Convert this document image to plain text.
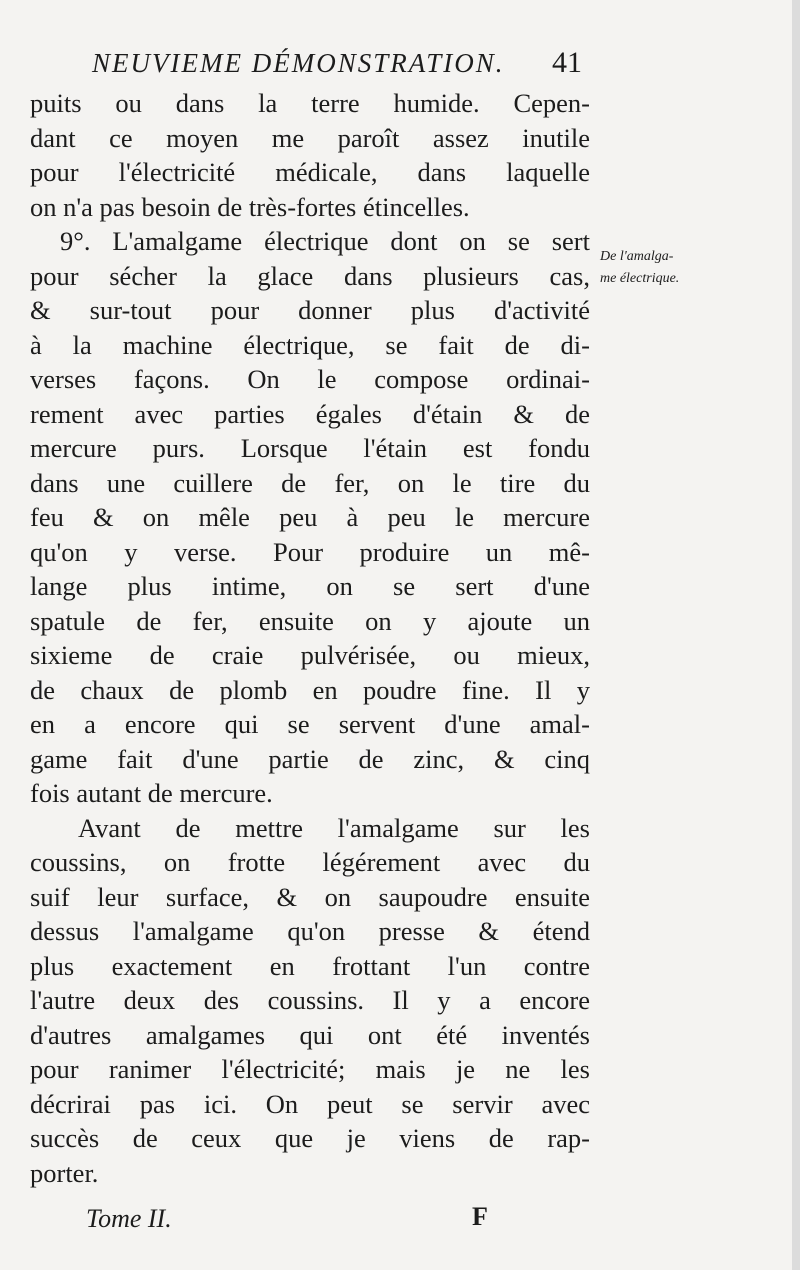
NEUVIEME DÉMONSTRATION. 41
puits ou dans la terre humide. Cepen-
dant ce moyen me paroît assez inutile
pour l'électricité médicale, dans laquelle
on n'a pas besoin de très-fortes étincelles.
9°. L'amalgame électrique dont on se sert
pour sécher la glace dans plusieurs cas,
& sur-tout pour donner plus d'activité
à la machine électrique, se fait de di-
verses façons. On le compose ordinai-
rement avec parties égales d'étain & de
mercure purs. Lorsque l'étain est fondu
dans une cuillere de fer, on le tire du
feu & on mêle peu à peu le mercure
qu'on y verse. Pour produire un mê-
lange plus intime, on se sert d'une
spatule de fer, ensuite on y ajoute un
sixieme de craie pulvérisée, ou mieux,
de chaux de plomb en poudre fine. Il y
en a encore qui se servent d'une amal-
game fait d'une partie de zinc, & cinq
fois autant de mercure.
Avant de mettre l'amalgame sur les
coussins, on frotte légérement avec du
suif leur surface, & on saupoudre ensuite
dessus l'amalgame qu'on presse & étend
plus exactement en frottant l'un contre
l'autre deux des coussins. Il y a encore
d'autres amalgames qui ont été inventés
pour ranimer l'électricité; mais je ne les
décrirai pas ici. On peut se servir avec
succès de ceux que je viens de rap-
porter.
De l'amalga-
me électrique.
Tome II.	F
